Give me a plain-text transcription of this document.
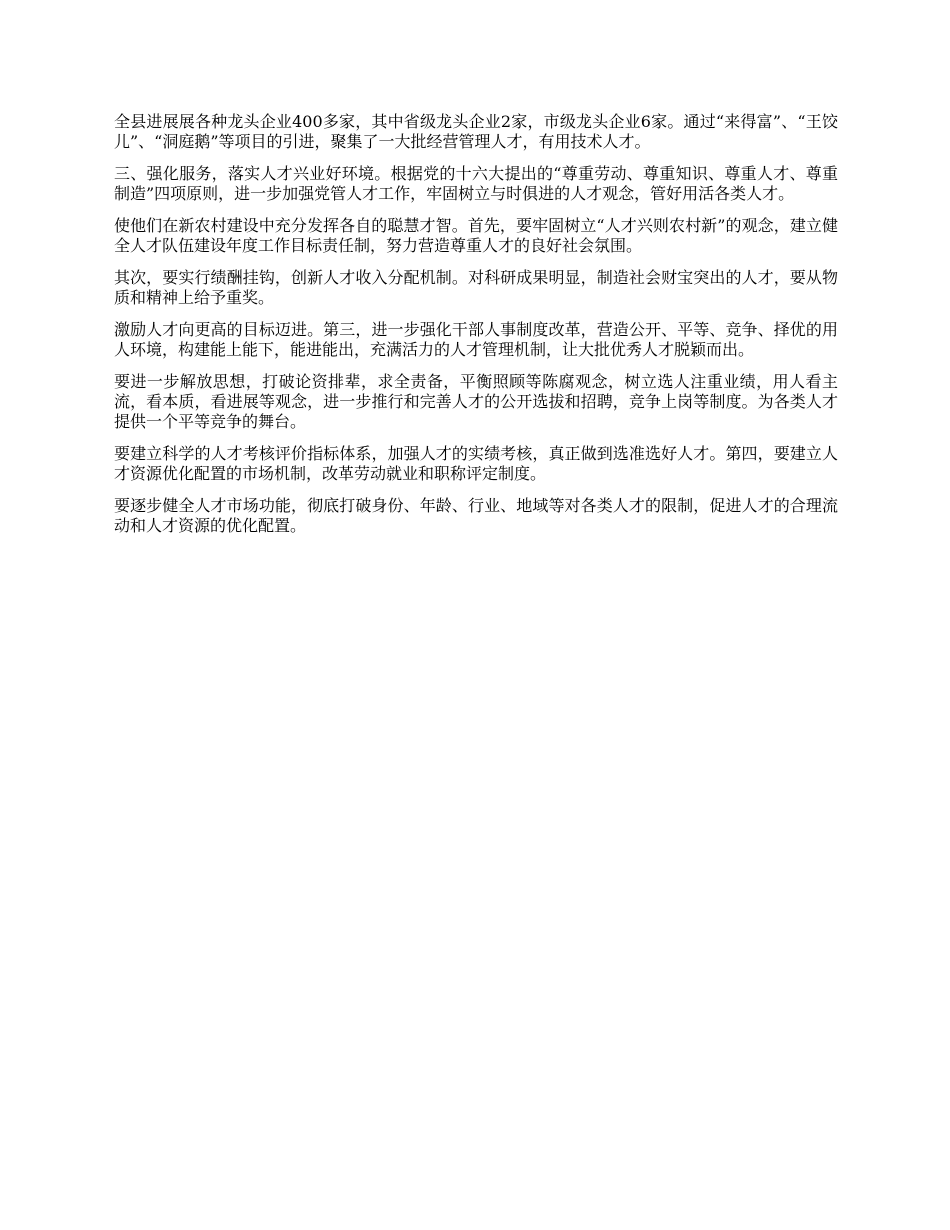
全县进展展各种龙头企业400多家，其中省级龙头企业2家，市级龙头企业6家。通过“来得富”、“王饺儿”、“洞庭鹅”等项目的引进，聚集了一大批经营管理人才，有用技术人才。

三、强化服务，落实人才兴业好环境。根据党的十六大提出的“尊重劳动、尊重知识、尊重人才、尊重制造”四项原则，进一步加强党管人才工作，牢固树立与时俱进的人才观念，管好用活各类人才。

使他们在新农村建设中充分发挥各自的聪慧才智。首先，要牢固树立“人才兴则农村新”的观念，建立健全人才队伍建设年度工作目标责任制，努力营造尊重人才的良好社会氛围。

其次，要实行绩酬挂钩，创新人才收入分配机制。对科研成果明显，制造社会财宝突出的人才，要从物质和精神上给予重奖。

激励人才向更高的目标迈进。第三，进一步强化干部人事制度改革，营造公开、平等、竞争、择优的用人环境，构建能上能下，能进能出，充满活力的人才管理机制，让大批优秀人才脱颖而出。

要进一步解放思想，打破论资排辈，求全责备，平衡照顾等陈腐观念，树立选人注重业绩，用人看主流，看本质，看进展等观念，进一步推行和完善人才的公开选拔和招聘，竞争上岗等制度。为各类人才提供一个平等竞争的舞台。

要建立科学的人才考核评价指标体系，加强人才的实绩考核，真正做到选准选好人才。第四，要建立人才资源优化配置的市场机制，改革劳动就业和职称评定制度。

要逐步健全人才市场功能，彻底打破身份、年龄、行业、地域等对各类人才的限制，促进人才的合理流动和人才资源的优化配置。
